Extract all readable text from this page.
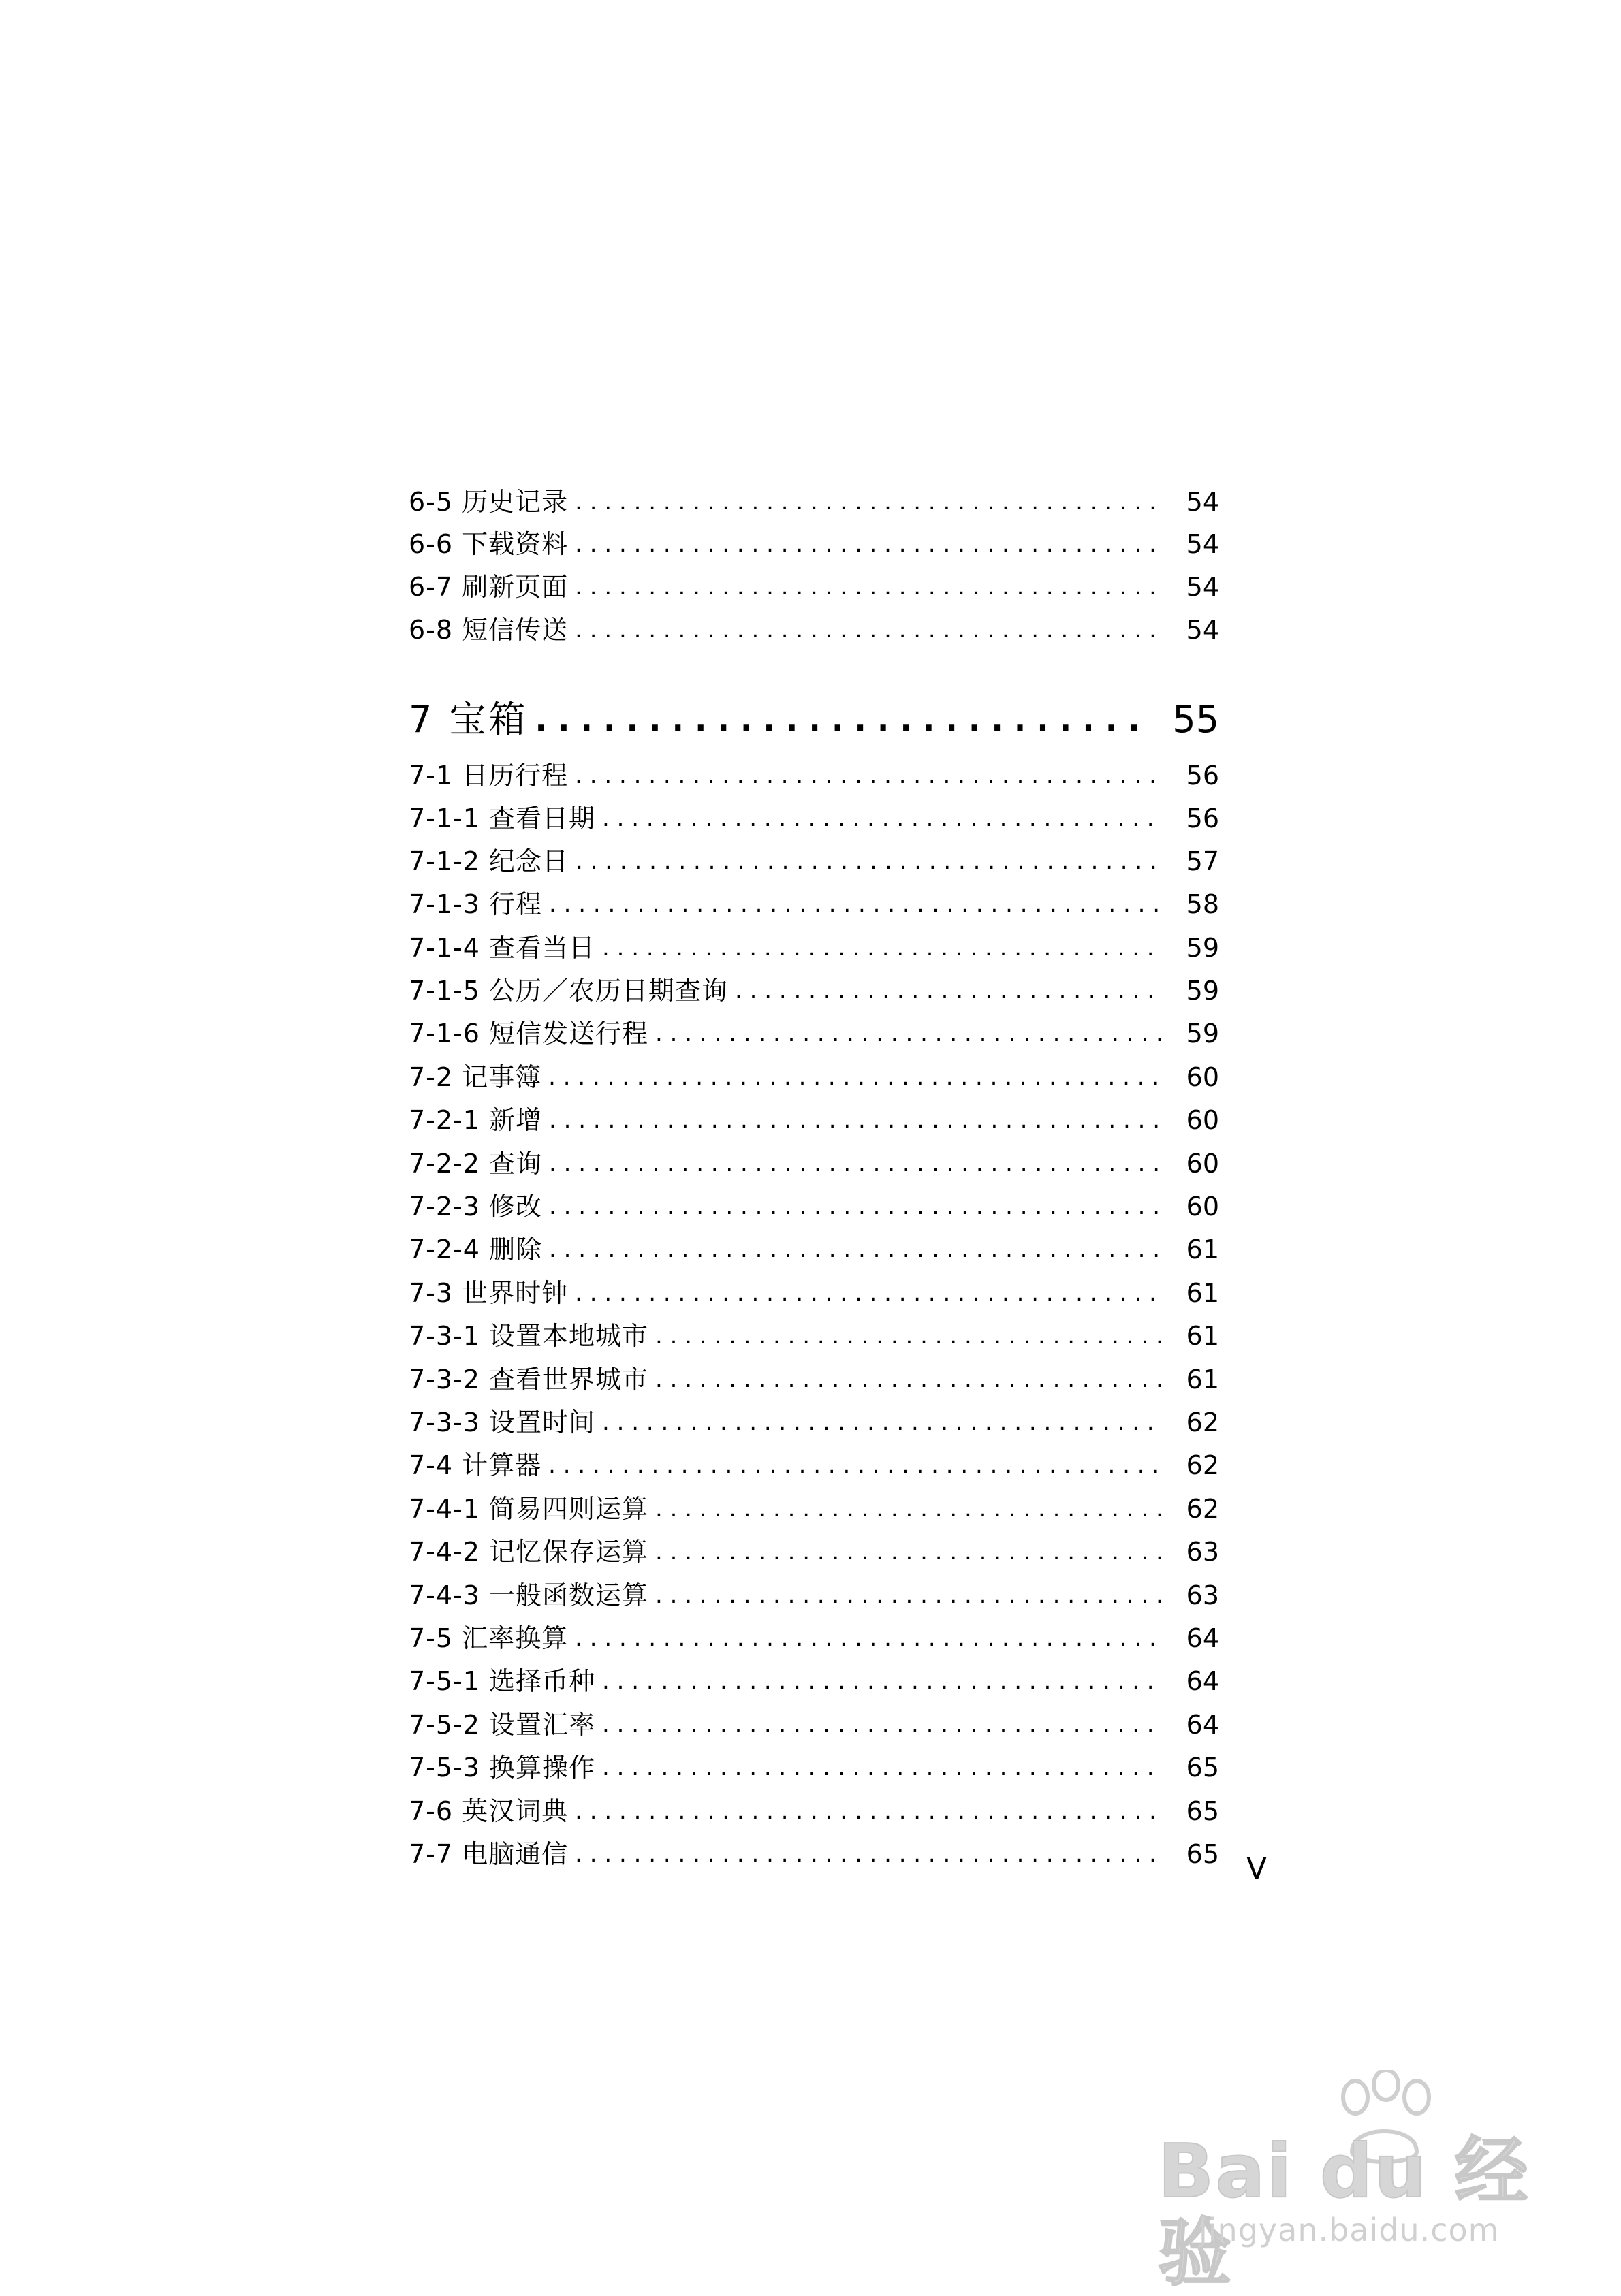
6-5 历史记录 . . .	54
6-6 下载资料 . . .	54
6-7 刷新页面 . . .	54
6-8 短信传送 . . .	54
7 宝箱 . . .	55
7-1 日历行程 . . .	56
7-1-1 查看日期 . . .	56
7-1-2 纪念日 . . .	57
7-1-3 行程 . . .	58
7-1-4 查看当日 . . .	59
7-1-5 公历／农历日期查询 . . .	59
7-1-6 短信发送行程 . . .	59
7-2 记事簿 . . .	60
7-2-1 新增 . . .	60
7-2-2 查询 . . .	60
7-2-3 修改 . . .	60
7-2-4 删除 . . .	61
7-3 世界时钟 . . .	61
7-3-1 设置本地城市 . . .	61
7-3-2 查看世界城市 . . .	61
7-3-3 设置时间 . . .	62
7-4 计算器 . . .	62
7-4-1 简易四则运算 . . .	62
7-4-2 记忆保存运算 . . .	63
7-4-3 一般函数运算 . . .	63
7-5 汇率换算 . . .	64
7-5-1 选择币种 . . .	64
7-5-2 设置汇率 . . .	64
7-5-3 换算操作 . . .	65
7-6 英汉词典 . . .	65
7-7 电脑通信 . . .	65 V
Bai du 经验
jingyan.baidu.com
